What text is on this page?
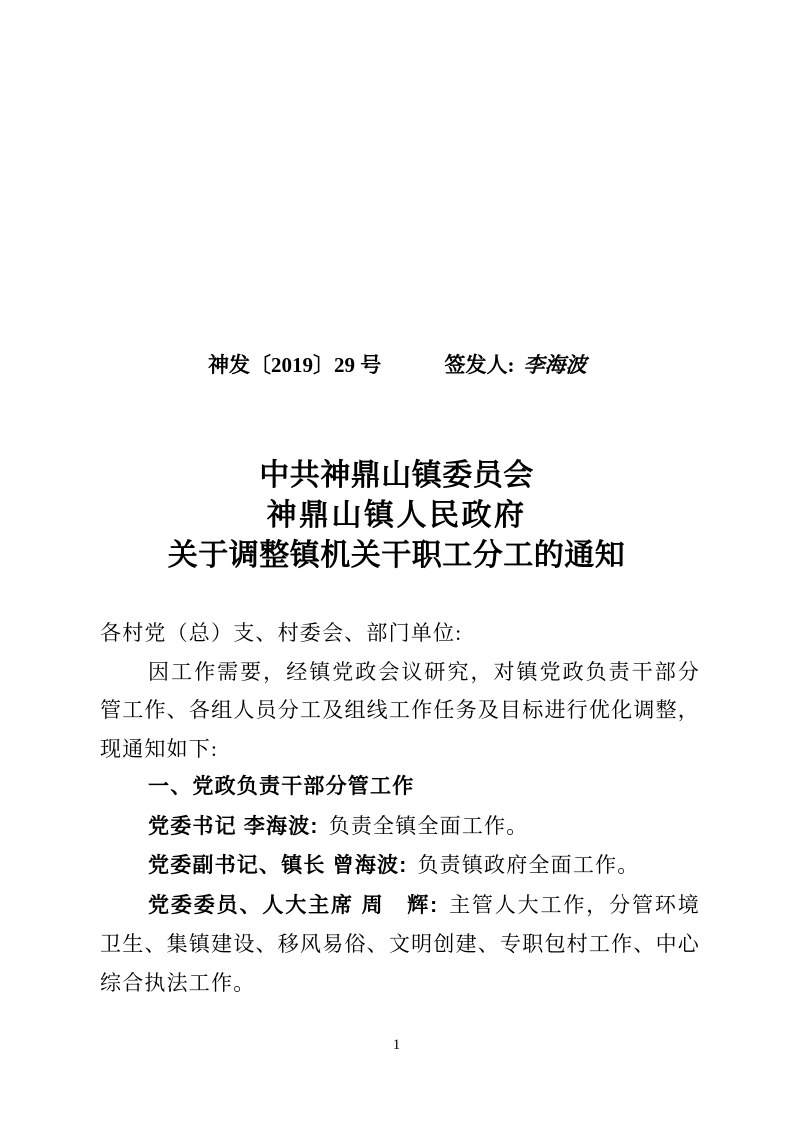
神发〔2019〕29 号	签发人: 李海波
中共神鼎山镇委员会
神鼎山镇人民政府
关于调整镇机关干职工分工的通知

各村党（总）支、村委会、部门单位:

因工作需要，经镇党政会议研究，对镇党政负责干部分管工作、各组人员分工及组线工作任务及目标进行优化调整，现通知如下:

一、党政负责干部分管工作

党委书记 李海波: 负责全镇全面工作。

党委副书记、镇长 曾海波: 负责镇政府全面工作。

党委委员、人大主席 周　辉: 主管人大工作，分管环境卫生、集镇建设、移风易俗、文明创建、专职包村工作、中心综合执法工作。

1
